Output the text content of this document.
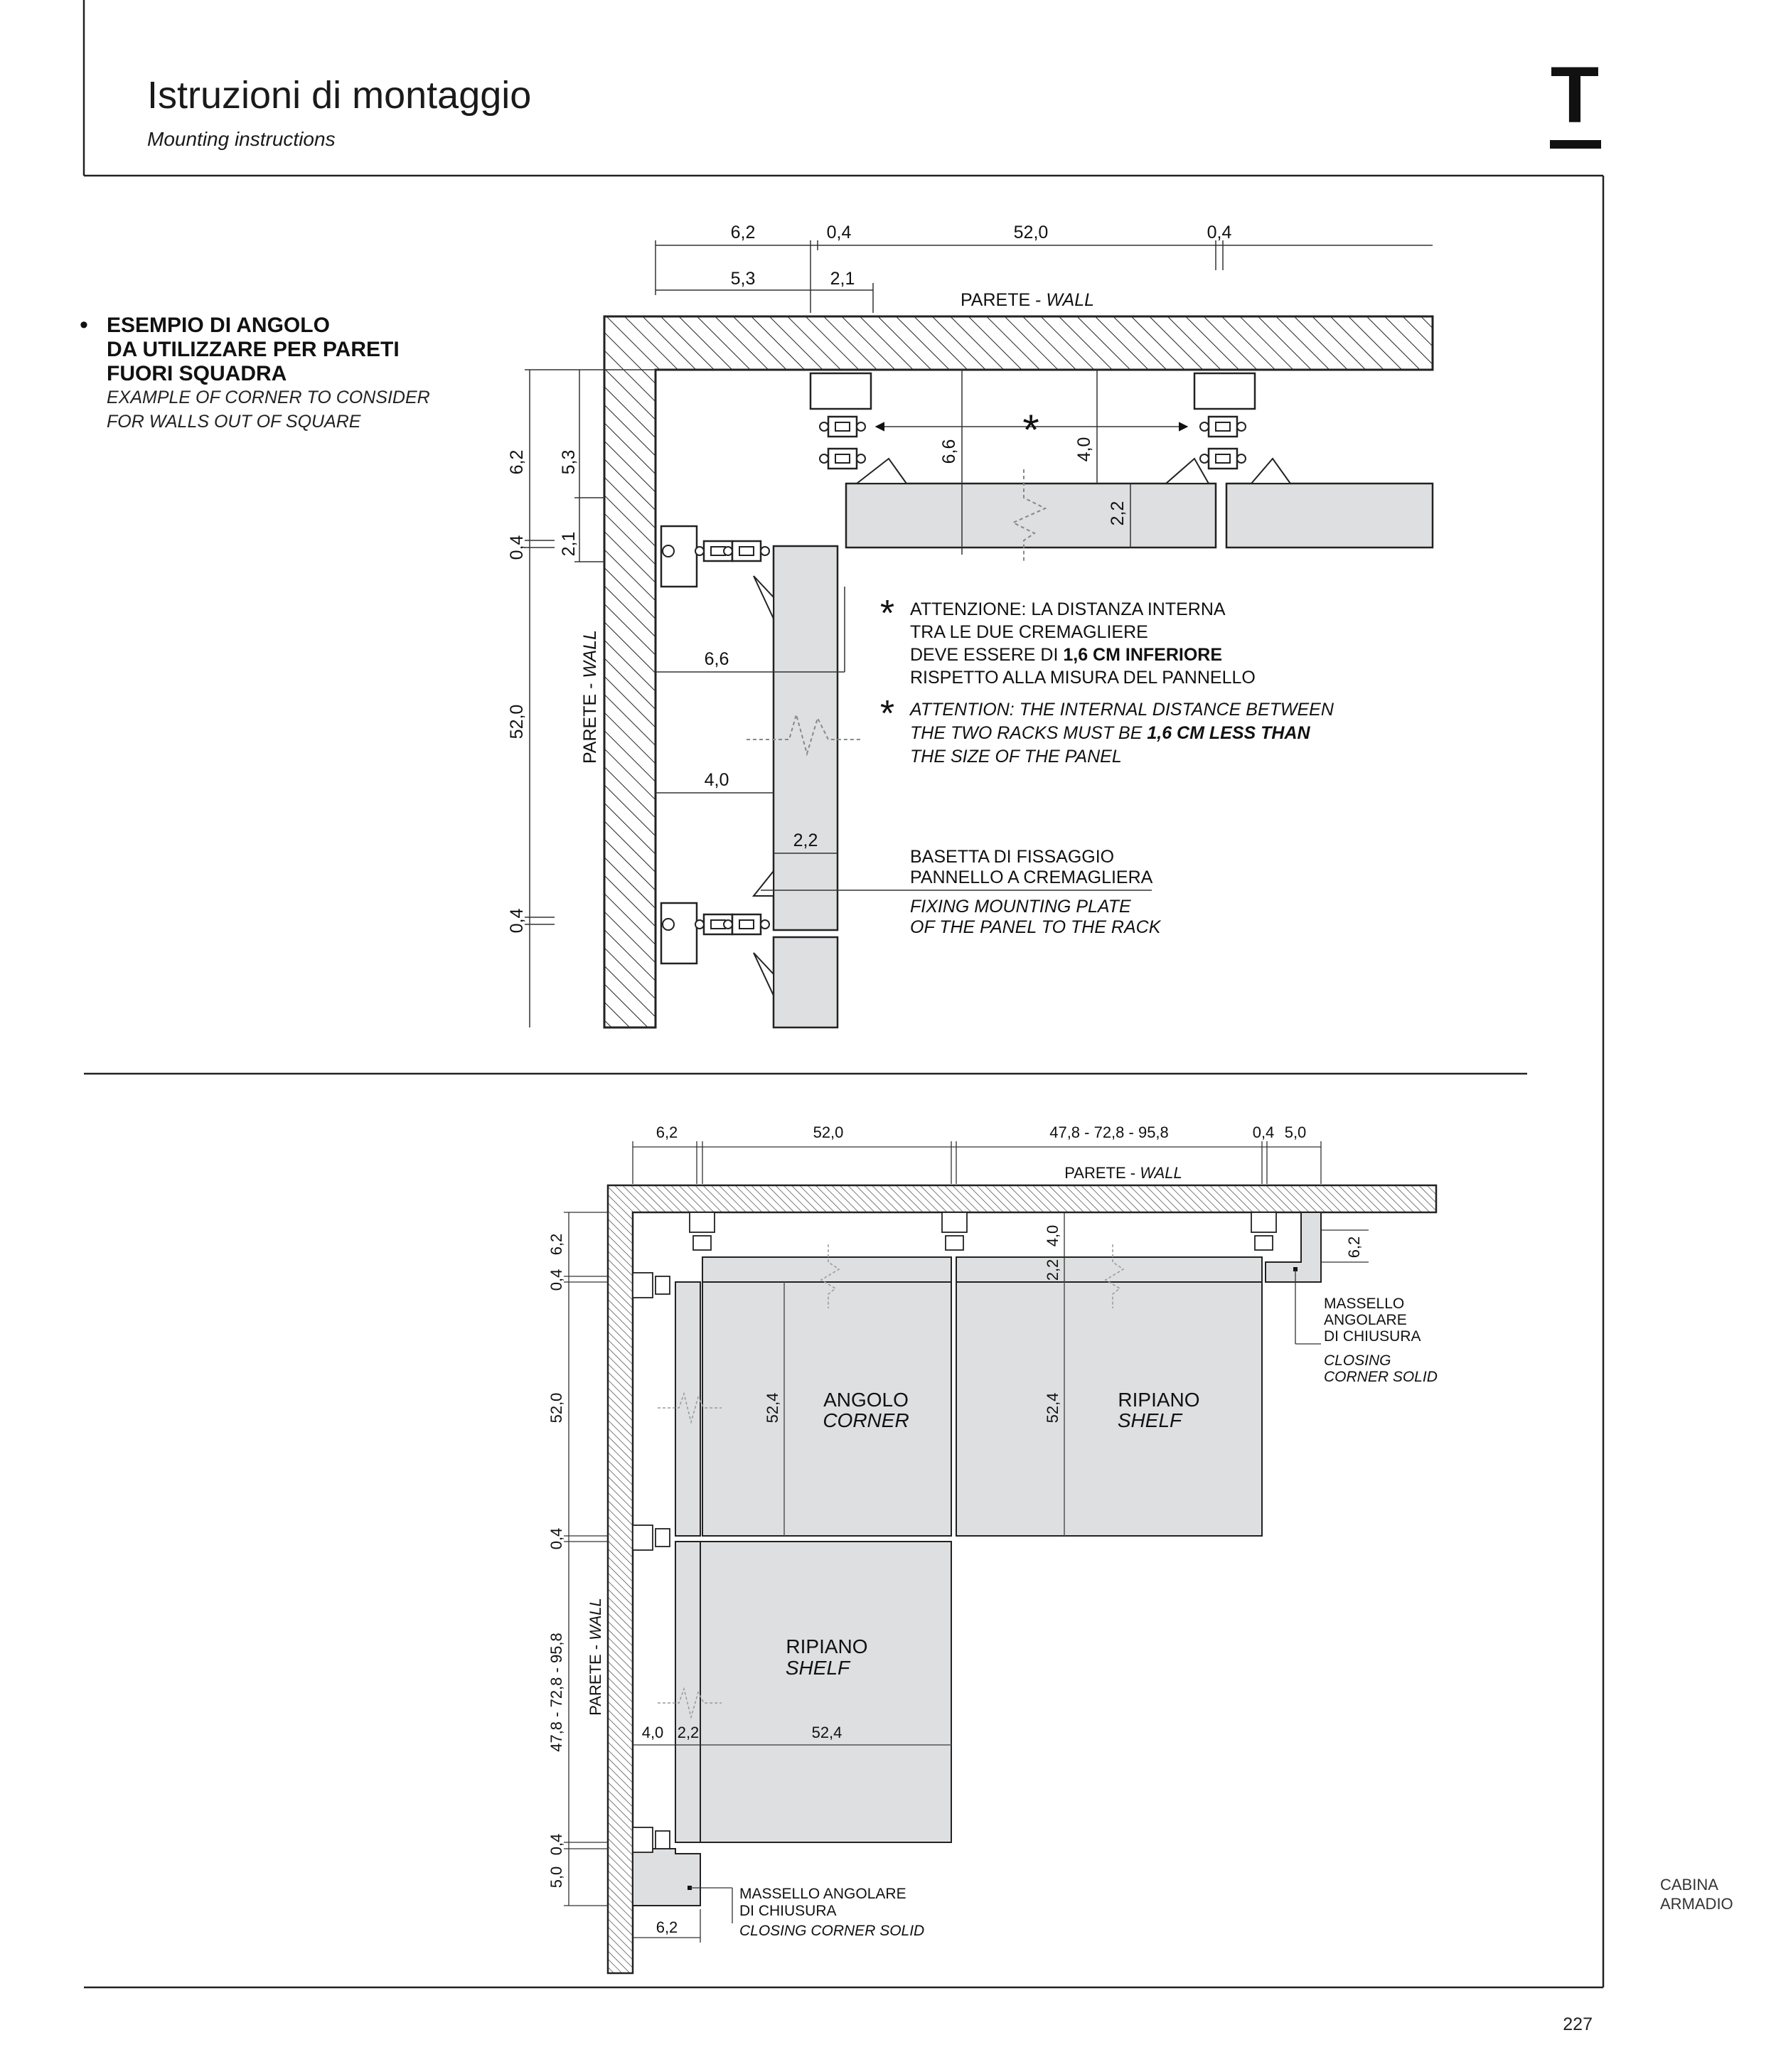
Istruzioni di montaggio
Mounting instructions	T
• ESEMPIO DI ANGOLO
DA UTILIZZARE PER PARETI
FUORI SQUADRA
EXAMPLE OF CORNER TO CONSIDER
FOR WALLS OUT OF SQUARE
6,2	0,4	52,0	0,4
5,3	2,1
PARETE - WALL
6,2
0,4
52,0
0,4
5,3
2,1
PARETE - WALL
*
6,6	4,0
2,2
6,6
4,0
2,2
* ATTENZIONE: LA DISTANZA INTERNA
TRA LE DUE CREMAGLIERE
DEVE ESSERE DI 1,6 CM INFERIORE
RISPETTO ALLA MISURA DEL PANNELLO
* ATTENTION: THE INTERNAL DISTANCE BETWEEN
THE TWO RACKS MUST BE 1,6 CM LESS THAN
THE SIZE OF THE PANEL
BASETTA DI FISSAGGIO
PANNELLO A CREMAGLIERA
FIXING MOUNTING PLATE
OF THE PANEL TO THE RACK
6,2	52,0	47,8 - 72,8 - 95,8	0,4 5,0
PARETE - WALL
PARETE - WALL
6,2
0,4
52,0
0,4
47,8 - 72,8 - 95,8
5,0
0,4
4,0
2,2
6,2
52,4	52,4
ANGOLO
CORNER
RIPIANO
SHELF
RIPIANO
SHELF
4,0 2,2	52,4
6,2
MASSELLO
ANGOLARE
DI CHIUSURA
CLOSING
CORNER SOLID
MASSELLO ANGOLARE
DI CHIUSURA
CLOSING CORNER SOLID
CABINA
ARMADIO
227
